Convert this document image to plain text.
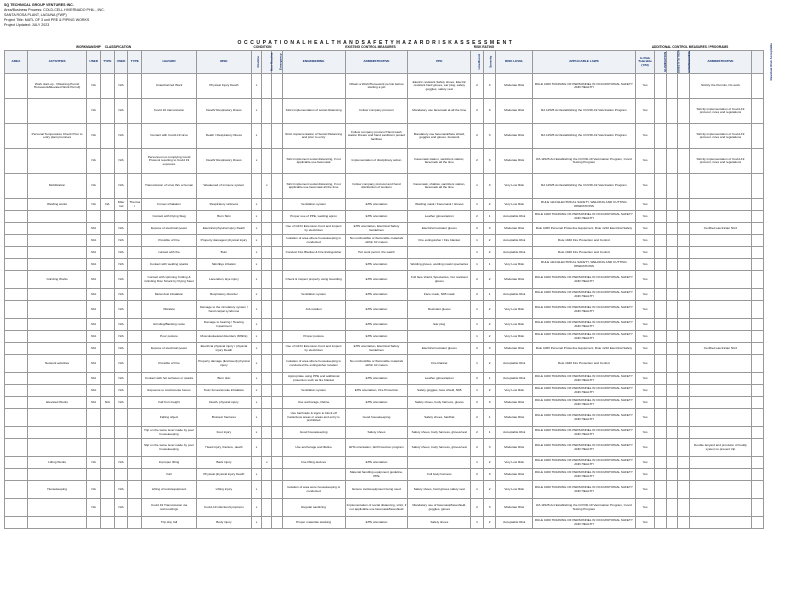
SQ TECHNICAL GROUP VENTURES INC.
Area/Business Process: COLD-CELL HIVERNADO PHIL., INC.
SANTA ROSA PLANT, LAGUNA (FWP)
Project Title: MATL OF 3 unit PRE & PIPING WORKS
Project Updated: JULY 2023
O C C U P A T I O N A L H E A L T H A N D S A F E T Y H A Z A R D R I S K A S S E S S M E N T
WORKMANSHIP	CLASSIFICATION	CONDITION	EXISTING CONTROL MEASURES	RISK RATING	ADDITIONAL CONTROL MEASURES / PROGRAMS
AREA	ACTIVITIES	USED	TYPE	USED	TYPE	HAZARD	RISK	Routine	Non-Routine	Emergency	ENGINEERING	ADMINISTRATIVE	PPE	Likelihood	Severity	RISK LEVEL	APPLICABLE LAWS	Is Risk Tolerable (Y/N)	ELIMINATION	SUBSTITUTION	ENGINEERING	ADMINISTRATIVE	Residual Risk Acceptable
	Work start-up - Obtaining Permit Homework/Elevated Work Permit)	NA		N/A		Unauthorized Work	Physical Injury Death	x				Obtain a Work/Homework permit before starting a job	Electric resistant Safety shoes, Electric resistant hard gloves, ear plug, safety goggles, safety vest	2	3	Moderate Risk	RULE 1000 TRAINING OF PERSONNEL IN OCCUPATIONAL SAFETY AND HEALTH	Yes				Strictly the Permits, No work	
		NA		N/A		Covid 19 transmission	Death/ Respiratory illness	x			Strict implementation of social distancing	Follow company protocol	Mandatory use facemask at all the time	2	3	Moderate Risk	RA 11525 Act Establishing the COVID-19 Vaccination Program	Yes				Strictly implementation of Covid-19 protocol, rules and regulations	
	Personal Temperature Check Prior to entry plant premises	NA		N/A		Contact with Covid-19 virus	Death / Respiratory illness	x			Strict implementation of Social Distancing and prior to entry	Follow company protocol Hand wash station Dream and hand sanitizers posted facilities	Mandatory use facemask/face shield, goggles and gloves, footwork	2	3	Moderate Risk	RA 11525 Act Establishing the COVID-19 Vaccination Program	Yes				Strictly implementation of Covid-19 protocol, rules and regulations	
		NA		N/A		Personnel not complying Covid Protocol resulting to Covid 19 exposure	Death/ Respiratory illness	x			Strict implement social distancing, if not applicable use facemask	Implementation of disciplinary action	Facemask station, sanitizers station, facemask all the time	2	3	Moderate Risk	RA 11525 Act Establishing the COVID-19 Vaccination Program, Covid Testing Program	Yes				Strictly implementation of Covid-19 protocol, rules and regulations	
	Mobilization	NA		N/A		Transmission of virus thru a human	Weakened of immune system		x		Strict implement social distancing, if not applicable use facemask all the time	Follow company protocol and hand disinfection of workers	Facemask, shallow, sanitizers station, facemask all the time	1	3	Very Low Risk	RA 11525 Act Establishing the COVID-19 Vaccination Program	Yes					
	Welding works	NA	NA	Filler rod	Thermal	Fumes inhalation	Respiratory sickness	x			Ventilation system	EHS orientation	Welding mask / Facemask / Gloves	1	2	Very Low Risk	RULE 1110 ELECTRICAL SAFETY, WELDING AND CUTTING OPERATIONS	Yes					
						Contact with Flying Slag	Burn Skin	x			Proper use of PPE, welding apron	EHS orientation	Leather gloves/apron	2	1	Acceptable Risk	RULE 1000 TRAINING OF PERSONNEL IN OCCUPATIONAL SAFETY AND HEALTH	Yes					
		N/A		N/A		Expose of electrical power	Electrical physical injury Death	x			Use of GFCI Extension Cord and inspect by electrician	EHS orientation, Electrical Safety Guidelines	Electrical resistant gloves	2	3	Moderate Risk	Rule 1080 Personal Protective Equipment, Rule 1210 Electrical Safety	Yes				Certified electrician NC2	
		N/A		N/A		Possible of Fire	Property damages/ physical injury	x			Isolation of area where housekeeping is conducted	No combustible or flammable materials within 10 meters	Fire extinguisher / Fire blanket	1	2	Acceptable Risk	Rule 1940 Fire Protection and Control	Yes					
		N/A		N/A		contact with fire	Burn	x			Conduct Fire Blanket & Fire Extinguisher	Hot work permit, fire watch		1	2	Acceptable Risk	Rule 1940 Fire Protection and Control	Yes					
		N/A		N/A		Contact with welding sparks	Skin/Eye irritation	x				EHS orientation	Welding gloves, welding mask/ spectacles	1	1	Very Low Risk	RULE 1110 ELECTRICAL SAFETY, WELDING AND CUTTING OPERATIONS	Yes					
	Grinding Works	N/A		N/A		Contact with spinning Cutting & Grinding Disc Struck by Flying Steel	Laceration, Eye injury	x			Check & inspect properly using Guarding	EHS orientation	Full face shield, Spectacles, Cut resistant gloves	2	2	Moderate Risk	RULE 1000 TRAINING OF PERSONNEL IN OCCUPATIONAL SAFETY AND HEALTH	Yes					
		N/A		N/A		Metal dust inhalation	Respiratory disorder	x			Ventilation system	EHS orientation	Face mask, N95 mask	2	1	Acceptable Risk	RULE 1000 TRAINING OF PERSONNEL IN OCCUPATIONAL SAFETY AND HEALTH	Yes					
		N/A		N/A		Vibration	Damage to the circulatory system / hand carpal syndrome	x			Job rotation	EHS orientation	Resistant gloves	1	2	Very Low Risk	RULE 1000 TRAINING OF PERSONNEL IN OCCUPATIONAL SAFETY AND HEALTH	Yes					
		N/A		N/A		Grinding/Banking noise	Damage to hearing / Hearing Impairment	x				EHS orientation	Ear plug	1	2	Very Low Risk	RULE 1000 TRAINING OF PERSONNEL IN OCCUPATIONAL SAFETY AND HEALTH	Yes					
		N/A		N/A		Poor posture	Musculoskeletal disorders (MSDs)	x			Proper posture	EHS orientation		1	2	Very Low Risk	RULE 1000 TRAINING OF PERSONNEL IN OCCUPATIONAL SAFETY AND HEALTH	Yes					
		N/A		N/A		Expose of electrical power	Electrical physical injury / physical injury Death	x			Use of GFCI Extension Cord and inspect by electrician	EHS orientation, Electrical Safety Guidelines	Electrical resistant gloves	2	3	Moderate Risk	Rule 1080 Personal Protective Equipment, Rule 1210 Electrical Safety	Yes				Certified electrician NC2	
	Network activities	N/A		N/A		Possible of Fire	Property damage (Enclosed) physical injury	x			Isolation of area where housekeeping is conducted fire extinguisher location	No combustible or flammable materials within 10 meters	Fire blanket	1	2	Acceptable Risk	Rule 1940 Fire Protection and Control	Yes					
		N/A		N/A		Contact with hot surfaces or sparks	Burn skin	x			Appropriate using PPE and additional protection such as fire blanket	EHS orientation	Leather gloves/apron	2	1	Acceptable Risk	RULE 1000 TRAINING OF PERSONNEL IN OCCUPATIONAL SAFETY AND HEALTH	Yes					
		N/A		N/A		Exposure to toxic/smoke fumes	Toxic fumes/smoke inhalation	x			Ventilation system	EHS orientation, Fire Protection	Safety goggles, face shield, N95	1	2	Very Low Risk	RULE 1000 TRAINING OF PERSONNEL IN OCCUPATIONAL SAFETY AND HEALTH	Yes					
	Elevated Works	N/A	N/A	N/A		Fall from height	Death, physical injury	x			Use anchorage, lifeline	EHS orientation	Safety shoes, body harness, gloves	2	3	Moderate Risk	RULE 1000 TRAINING OF PERSONNEL IN OCCUPATIONAL SAFETY AND HEALTH	Yes					
						Falling object	Bruises/ fractures	x			Use barricade & signs to block off hazardous areas or areas and entry is prohibited	Good housekeeping	Safety shoes, hardhat	2	1	Moderate Risk	RULE 1000 TRAINING OF PERSONNEL IN OCCUPATIONAL SAFETY AND HEALTH	Yes					
						Trip on the same level made by poor housekeeping	Foot injury	x			Good housekeeping	Safety shoes	Safety shoes, body harness, gloves/vest	2	1	Acceptable Risk	RULE 1000 TRAINING OF PERSONNEL IN OCCUPATIONAL SAFETY AND HEALTH	Yes					
						Slip on the same level made by poor housekeeping	Head injury, fracture, death	x			Use anchorage and lifeline	EHS orientation, fall Protection program	Safety shoes, body harness, gloves/vest	2	3	Moderate Risk	RULE 1000 TRAINING OF PERSONNEL IN OCCUPATIONAL SAFETY AND HEALTH	Yes				Double lanyard and provision of buddy system to prevent trip	
	Lifting Works	NA		N/A		Improper lifting	Back injury		x		Use lifting devices	EHS orientation		1	2	Very Low Risk	RULE 1000 TRAINING OF PERSONNEL IN OCCUPATIONAL SAFETY AND HEALTH	Yes					
						Fall	Physical physical injury Death	x				Material handling equipment guideline, PPE	Full body harness	2	3	Moderate Risk	RULE 1000 TRAINING OF PERSONNEL IN OCCUPATIONAL SAFETY AND HEALTH	Yes					
	Housekeeping	NA		N/A		Lifting of tools/equipment	Lifting injury	x			Isolation of area were housekeeping is conducted	Ensure tools/equipment being used	Safety shoes, hard gloves safety vest	1	2	Very Low Risk	RULE 1000 TRAINING OF PERSONNEL IN OCCUPATIONAL SAFETY AND HEALTH	Yes					
		NA		N/A		Covid 19 Transmission via surroundings	Covid-19 infection/symptoms	x			Regular sanitizing	Implementation of social distancing, strict, if not applicable use facemask/faceshield	Mandatory use of facemask/faceshield, goggles, gloves	2	3	Moderate Risk	RA 11525 Act Establishing the COVID-19 Vaccination Program, Covid Testing Program	Yes					
						Trip,slip, fall	Body injury	x			Proper materials stacking	EHS orientation	Safety shoes	1	2	Acceptable Risk	RULE 1000 TRAINING OF PERSONNEL IN OCCUPATIONAL SAFETY AND HEALTH	Yes					
